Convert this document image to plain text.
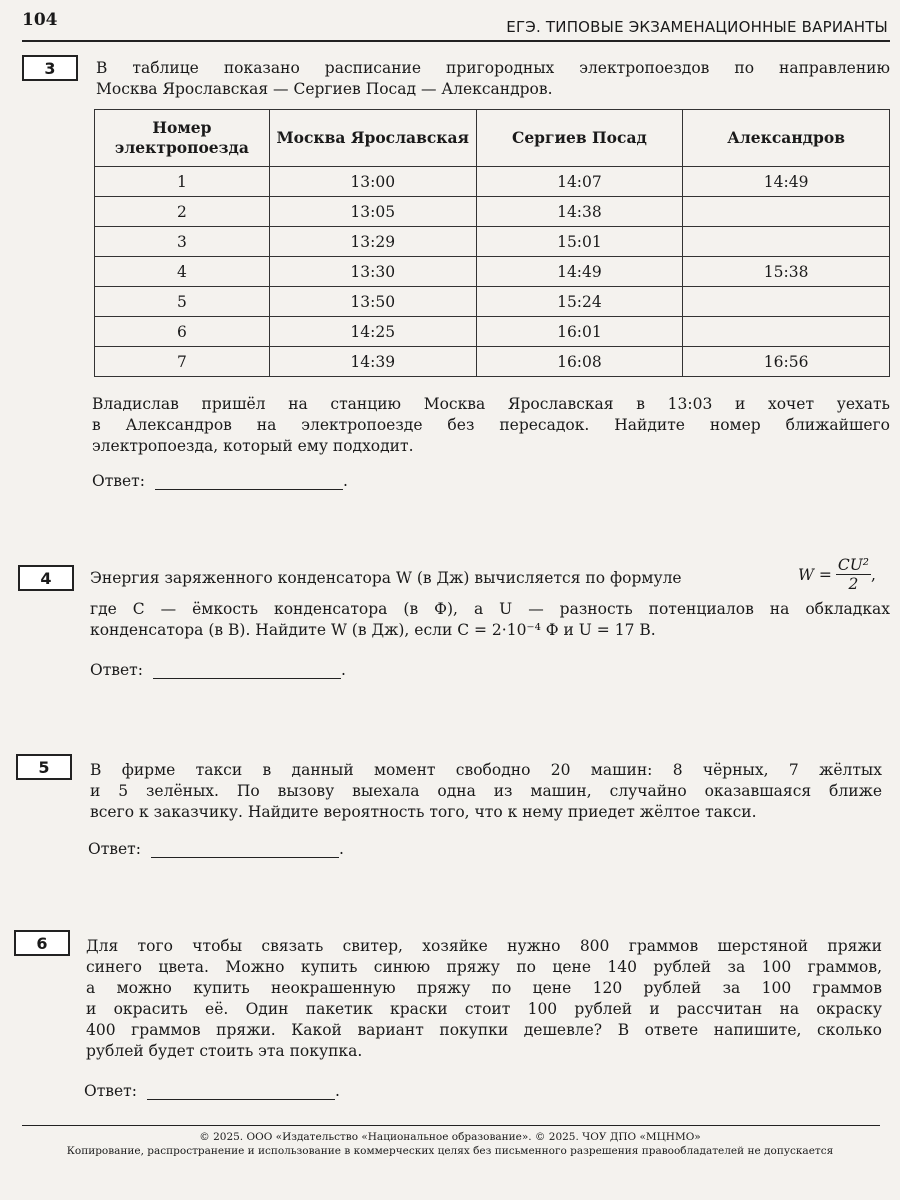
104	ЕГЭ. ТИПОВЫЕ ЭКЗАМЕНАЦИОННЫЕ ВАРИАНТЫ
3	В таблице показано расписание пригородных электропоездов по направлению
Москва Ярославская — Сергиев Посад — Александров.
Номер электропоезда	Москва Ярославская	Сергиев Посад	Александров
1	13:00	14:07	14:49
2	13:05	14:38	
3	13:29	15:01	
4	13:30	14:49	15:38
5	13:50	15:24	
6	14:25	16:01	
7	14:39	16:08	16:56
Владислав пришёл на станцию Москва Ярославская в 13:03 и хочет уехать
в Александров на электропоезде без пересадок. Найдите номер ближайшего
электропоезда, который ему подходит.
Ответ:	.
4	Энергия заряженного конденсатора W (в Дж) вычисляется по формуле	$W = \frac{\text{CU²}}{2}$ ,
где C — ёмкость конденсатора (в Ф), а U — разность потенциалов на обкладках
конденсатора (в В). Найдите W (в Дж), если C = 2·10⁻⁴ Ф и U = 17 В.
Ответ:	.
5	В фирме такси в данный момент свободно 20 машин: 8 чёрных, 7 жёлтых
и 5 зелёных. По вызову выехала одна из машин, случайно оказавшаяся ближе
всего к заказчику. Найдите вероятность того, что к нему приедет жёлтое такси.
Ответ:	.
6	Для того чтобы связать свитер, хозяйке нужно 800 граммов шерстяной пряжи
синего цвета. Можно купить синюю пряжу по цене 140 рублей за 100 граммов,
а можно купить неокрашенную пряжу по цене 120 рублей за 100 граммов
и окрасить её. Один пакетик краски стоит 100 рублей и рассчитан на окраску
400 граммов пряжи. Какой вариант покупки дешевле? В ответе напишите, сколько
рублей будет стоить эта покупка.
Ответ:	.
© 2025. ООО «Издательство «Национальное образование». © 2025. ЧОУ ДПО «МЦНМО»
Копирование, распространение и использование в коммерческих целях без письменного разрешения правообладателей не допускается
